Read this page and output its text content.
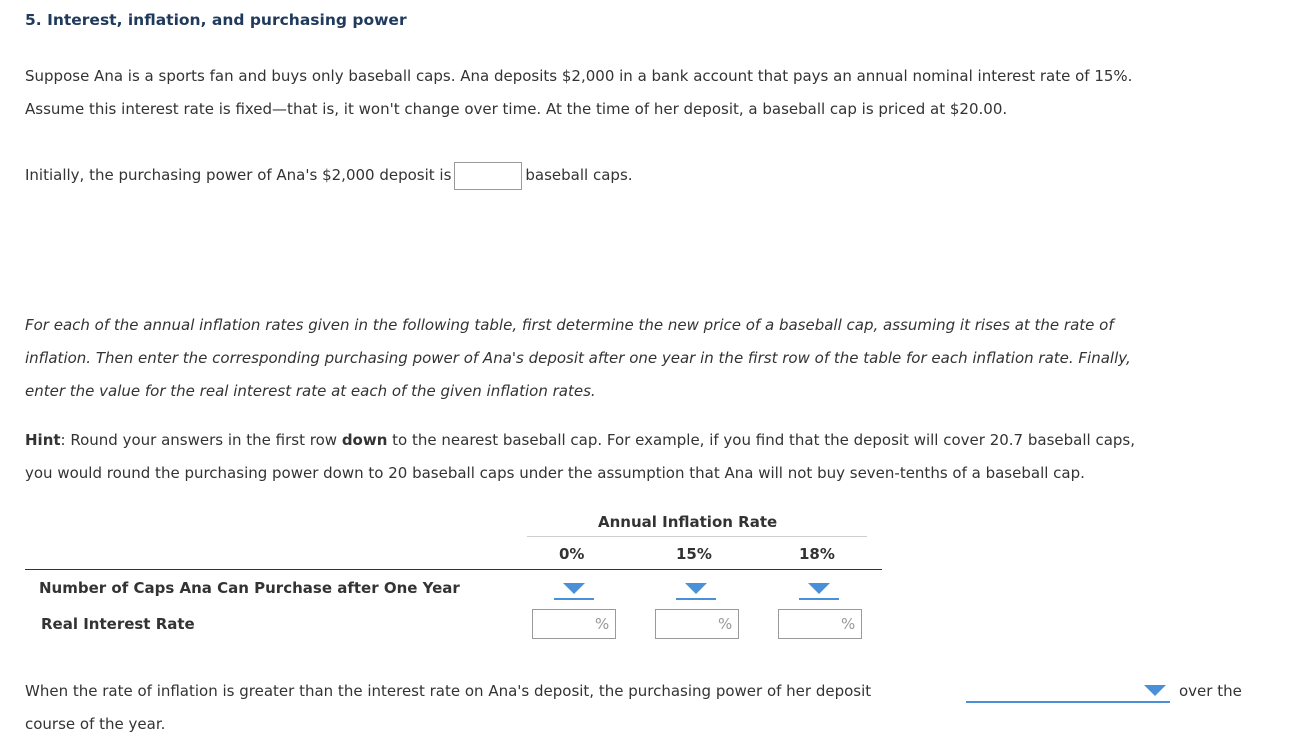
5. Interest, inflation, and purchasing power
Suppose Ana is a sports fan and buys only baseball caps. Ana deposits $2,000 in a bank account that pays an annual nominal interest rate of 15%.
Assume this interest rate is fixed—that is, it won't change over time. At the time of her deposit, a baseball cap is priced at $20.00.
Initially, the purchasing power of Ana's $2,000 deposit is	baseball caps.
For each of the annual inflation rates given in the following table, first determine the new price of a baseball cap, assuming it rises at the rate of
inflation. Then enter the corresponding purchasing power of Ana's deposit after one year in the first row of the table for each inflation rate. Finally,
enter the value for the real interest rate at each of the given inflation rates.
Hint: Round your answers in the first row down to the nearest baseball cap. For example, if you find that the deposit will cover 20.7 baseball caps,
you would round the purchasing power down to 20 baseball caps under the assumption that Ana will not buy seven-tenths of a baseball cap.
Annual Inflation Rate
0%	15%	18%
Number of Caps Ana Can Purchase after One Year
Real Interest Rate	%	%	%
When the rate of inflation is greater than the interest rate on Ana's deposit, the purchasing power of her deposit	over the
course of the year.
